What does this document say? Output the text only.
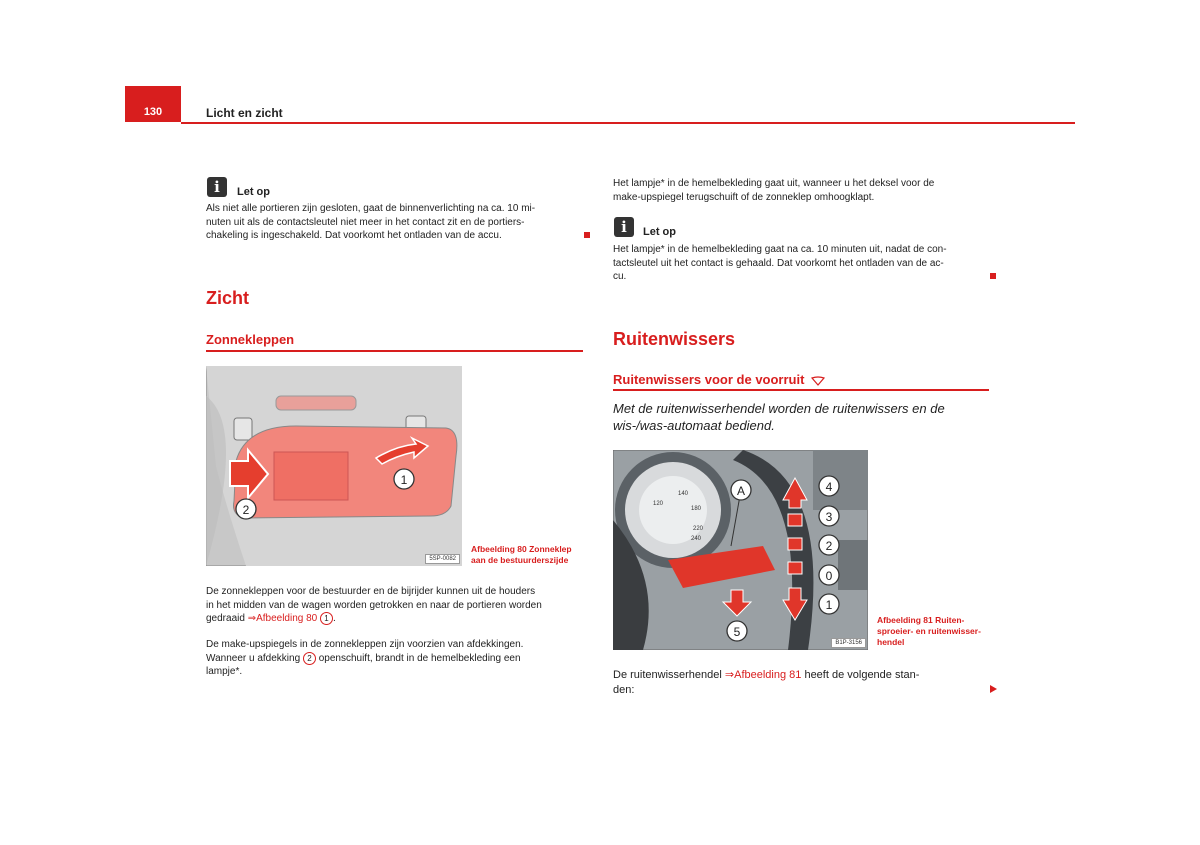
130	Licht en zicht
i	Let op
Als niet alle portieren zijn gesloten, gaat de binnenverlichting na ca. 10 mi-
nuten uit als de contactsleutel niet meer in het contact zit en de portiers-
chakeling is ingeschakeld. Dat voorkomt het ontladen van de accu.
Zicht
Zonnekleppen
1
2
5SP-0082
Afbeelding 80 Zonneklep
aan de bestuurderszijde
De zonnekleppen voor de bestuurder en de bijrijder kunnen uit de houders
in het midden van de wagen worden getrokken en naar de portieren worden
gedraaid ⇒Afbeelding 80 1 .
De make-upspiegels in de zonnekleppen zijn voorzien van afdekkingen.
Wanneer u afdekking 2 openschuift, brandt in de hemelbekleding een
lampje*.
Het lampje* in de hemelbekleding gaat uit, wanneer u het deksel voor de
make-upspiegel terugschuift of de zonneklep omhoogklapt.
i	Let op
Het lampje* in de hemelbekleding gaat na ca. 10 minuten uit, nadat de con-
tactsleutel uit het contact is gehaald. Dat voorkomt het ontladen van de ac-
cu.
Ruitenwissers
Ruitenwissers voor de voorruit
Met de ruitenwisserhendel worden de ruitenwissers en de
wis-/was-automaat bediend.
120
140
180
220
240
A	4
3
2
0
1
5
B1P-3156
Afbeelding 81 Ruiten-
sproeier- en ruitenwisser-
hendel
De ruitenwisserhendel ⇒Afbeelding 81 heeft de volgende stan-
den:
